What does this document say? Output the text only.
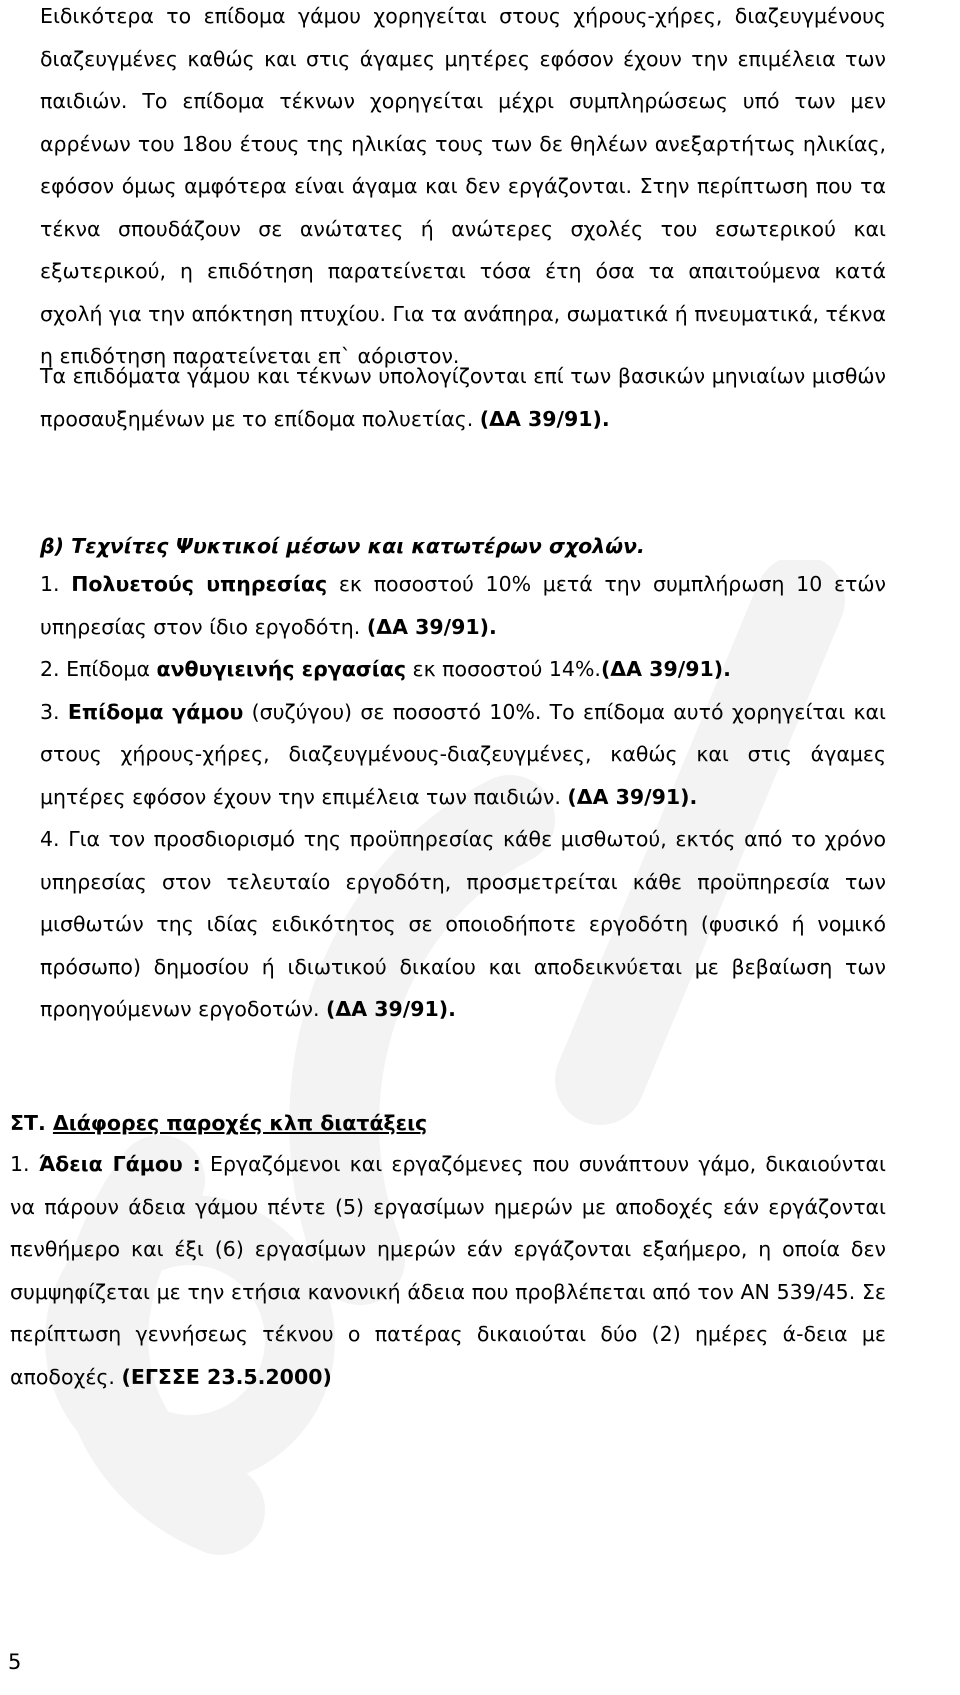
Ειδικότερα το επίδομα γάμου χορηγείται στους χήρους-χήρες, διαζευγμένους διαζευγμένες καθώς και στις άγαμες μητέρες εφόσον έχουν την επιμέλεια των παιδιών. Το επίδομα τέκνων χορηγείται μέχρι συμπληρώσεως υπό των μεν αρρένων του 18ου έτους της ηλικίας τους των δε θηλέων ανεξαρτήτως ηλικίας, εφόσον όμως αμφότερα είναι άγαμα και δεν εργάζονται. Στην περίπτωση που τα τέκνα σπουδάζουν σε ανώτατες ή ανώτερες σχολές του εσωτερικού και εξωτερικού, η επιδότηση παρατείνεται τόσα έτη όσα τα απαιτούμενα κατά σχολή για την απόκτηση πτυχίου. Για τα ανάπηρα, σωματικά ή πνευματικά, τέκνα η επιδότηση παρατείνεται επ` αόριστον.

Τα επιδόματα γάμου και τέκνων υπολογίζονται επί των βασικών μηνιαίων μισθών προσαυξημένων με το επίδομα πολυετίας. (ΔΑ 39/91).

β) Τεχνίτες Ψυκτικοί μέσων και κατωτέρων σχολών.

1. Πολυετούς υπηρεσίας εκ ποσοστού 10% μετά την συμπλήρωση 10 ετών υπηρεσίας στον ίδιο εργοδότη. (ΔΑ 39/91).

2. Επίδομα ανθυγιεινής εργασίας εκ ποσοστού 14%.(ΔΑ 39/91).

3. Επίδομα γάμου (συζύγου) σε ποσοστό 10%. Το επίδομα αυτό χορηγείται και στους χήρους-χήρες, διαζευγμένους-διαζευγμένες, καθώς και στις άγαμες μητέρες εφόσον έχουν την επιμέλεια των παιδιών. (ΔΑ 39/91).

4. Για τον προσδιορισμό της προϋπηρεσίας κάθε μισθωτού, εκτός από το χρόνο υπηρεσίας στον τελευταίο εργοδότη, προσμετρείται κάθε προϋπηρεσία των μισθωτών της ιδίας ειδικότητος σε οποιοδήποτε εργοδότη (φυσικό ή νομικό πρόσωπο) δημοσίου ή ιδιωτικού δικαίου και αποδεικνύεται με βεβαίωση των προηγούμενων εργοδοτών. (ΔΑ 39/91).

ΣΤ. Διάφορες παροχές κλπ διατάξεις

1. Άδεια Γάμου : Εργαζόμενοι και εργαζόμενες που συνάπτουν γάμο, δικαιούνται να πάρουν άδεια γάμου πέντε (5) εργασίμων ημερών με αποδοχές εάν εργάζονται πενθήμερο και έξι (6) εργασίμων ημερών εάν εργάζονται εξαήμερο, η οποία δεν συμψηφίζεται με την ετήσια κανονική άδεια που προβλέπεται από τον ΑΝ 539/45. Σε περίπτωση γεννήσεως τέκνου ο πατέρας δικαιούται δύο (2) ημέρες ά-δεια με αποδοχές. (ΕΓΣΣΕ 23.5.2000)

5
